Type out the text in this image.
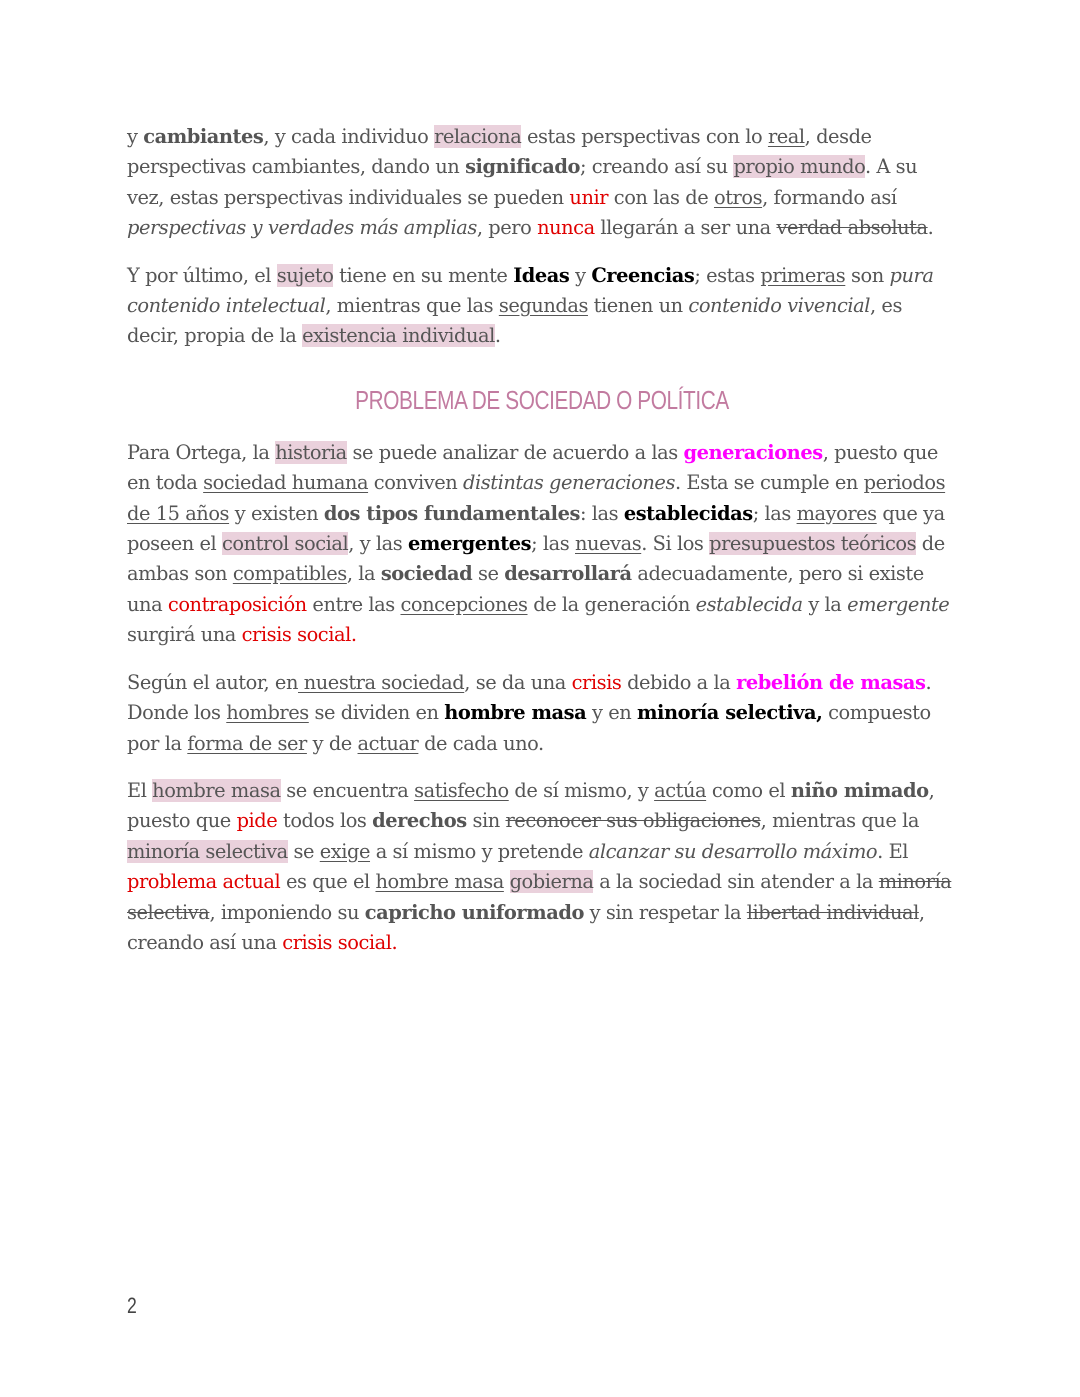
y cambiantes, y cada individuo relaciona estas perspectivas con lo real, desde perspectivas cambiantes, dando un significado; creando así su propio mundo. A su vez, estas perspectivas individuales se pueden unir con las de otros, formando así perspectivas y verdades más amplias, pero nunca llegarán a ser una verdad absoluta.

Y por último, el sujeto tiene en su mente Ideas y Creencias; estas primeras son pura contenido intelectual, mientras que las segundas tienen un contenido vivencial, es decir, propia de la existencia individual.

PROBLEMA DE SOCIEDAD O POLÍTICA

Para Ortega, la historia se puede analizar de acuerdo a las generaciones, puesto que en toda sociedad humana conviven distintas generaciones. Esta se cumple en periodos de 15 años y existen dos tipos fundamentales: las establecidas; las mayores que ya poseen el control social, y las emergentes; las nuevas. Si los presupuestos teóricos de ambas son compatibles, la sociedad se desarrollará adecuadamente, pero si existe una contraposición entre las concepciones de la generación establecida y la emergente surgirá una crisis social.

Según el autor, en nuestra sociedad, se da una crisis debido a la rebelión de masas. Donde los hombres se dividen en hombre masa y en minoría selectiva, compuesto por la forma de ser y de actuar de cada uno.

El hombre masa se encuentra satisfecho de sí mismo, y actúa como el niño mimado, puesto que pide todos los derechos sin reconocer sus obligaciones, mientras que la minoría selectiva se exige a sí mismo y pretende alcanzar su desarrollo máximo. El problema actual es que el hombre masa gobierna a la sociedad sin atender a la minoría selectiva, imponiendo su capricho uniformado y sin respetar la libertad individual, creando así una crisis social.

2
